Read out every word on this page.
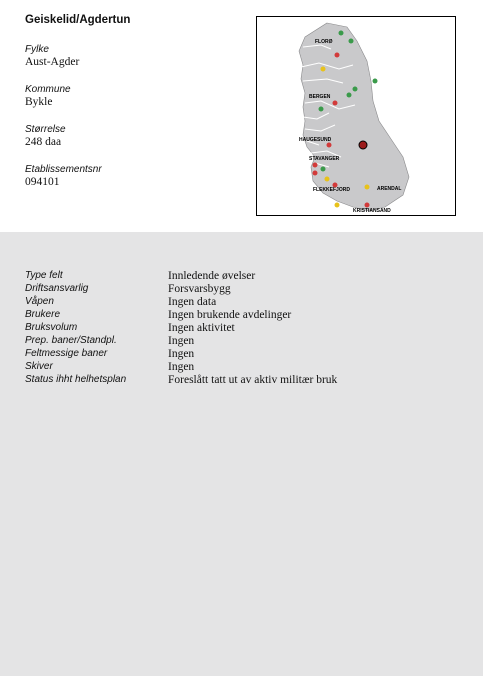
Geiskelid/Agdertun
Fylke
Aust-Agder
Kommune
Bykle
Størrelse
248 daa
Etablissementsnr
094101
FLORØ
BERGEN
HAUGESUND
STAVANGER
FLEKKEFJORD	ARENDAL
KRISTIANSAND
Type felt	Innledende øvelser
Driftsansvarlig	Forsvarsbygg
Våpen	Ingen data
Brukere	Ingen brukende avdelinger
Bruksvolum	Ingen aktivitet
Prep. baner/Standpl.	Ingen
Feltmessige baner	Ingen
Skiver	Ingen
Status ihht helhetsplan	Foreslått tatt ut av aktiv militær bruk
